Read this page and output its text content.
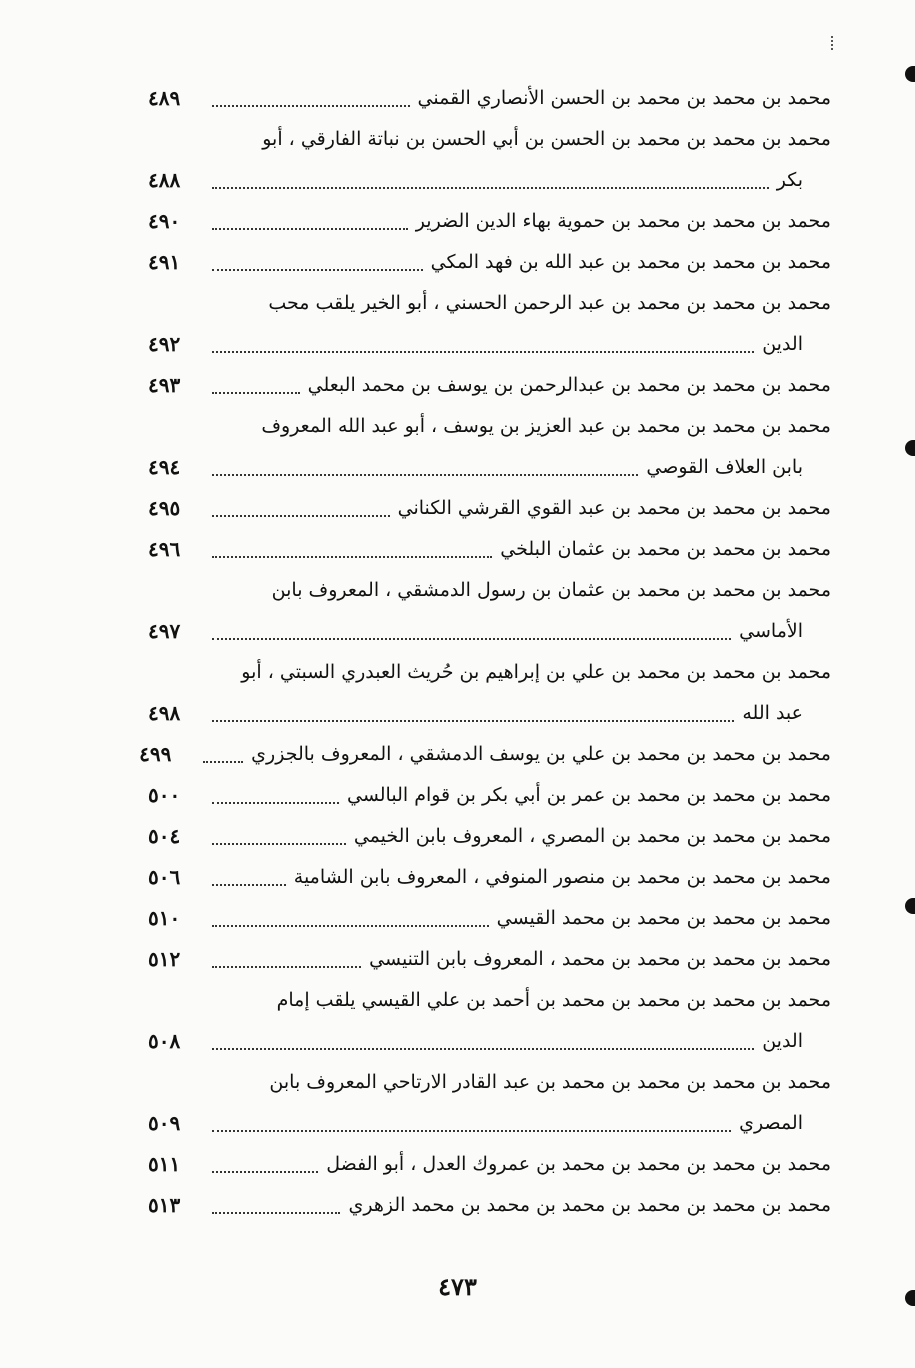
محمد بن محمد بن محمد بن الحسن الأنصاري القمني
٤٨٩
محمد بن محمد بن محمد بن الحسن بن أبي الحسن بن نباتة الفارقي ، أبو
بكر
٤٨٨
محمد بن محمد بن محمد بن حموية بهاء الدين الضرير
٤٩٠
محمد بن محمد بن محمد بن عبد الله بن فهد المكي
٤٩١
محمد بن محمد بن محمد بن عبد الرحمن الحسني ، أبو الخير يلقب محب
الدين
٤٩٢
محمد بن محمد بن محمد بن عبدالرحمن بن يوسف بن محمد البعلي
٤٩٣
محمد بن محمد بن محمد بن عبد العزيز بن يوسف ، أبو عبد الله المعروف
بابن العلاف القوصي
٤٩٤
محمد بن محمد بن محمد بن عبد القوي القرشي الكناني
٤٩٥
محمد بن محمد بن محمد بن عثمان البلخي
٤٩٦
محمد بن محمد بن محمد بن عثمان بن رسول الدمشقي ، المعروف بابن
الأماسي
٤٩٧
محمد بن محمد بن محمد بن علي بن إبراهيم بن حُريث العبدري السبتي ، أبو
عبد الله
٤٩٨
محمد بن محمد بن محمد بن علي بن يوسف الدمشقي ، المعروف بالجزري
٤٩٩
محمد بن محمد بن محمد بن عمر بن أبي بكر بن قوام البالسي
٥٠٠
محمد بن محمد بن محمد بن المصري ، المعروف بابن الخيمي
٥٠٤
محمد بن محمد بن محمد بن منصور المنوفي ، المعروف بابن الشامية
٥٠٦
محمد بن محمد بن محمد بن محمد القيسي
٥١٠
محمد بن محمد بن محمد بن محمد ، المعروف بابن التنيسي
٥١٢
محمد بن محمد بن محمد بن محمد بن أحمد بن علي القيسي يلقب إمام
الدين
٥٠٨
محمد بن محمد بن محمد بن محمد بن عبد القادر الارتاحي المعروف بابن
المصري
٥٠٩
محمد بن محمد بن محمد بن محمد بن عمروك العدل ، أبو الفضل
٥١١
محمد بن محمد بن محمد بن محمد بن محمد بن محمد الزهري
٥١٣
٤٧٣
